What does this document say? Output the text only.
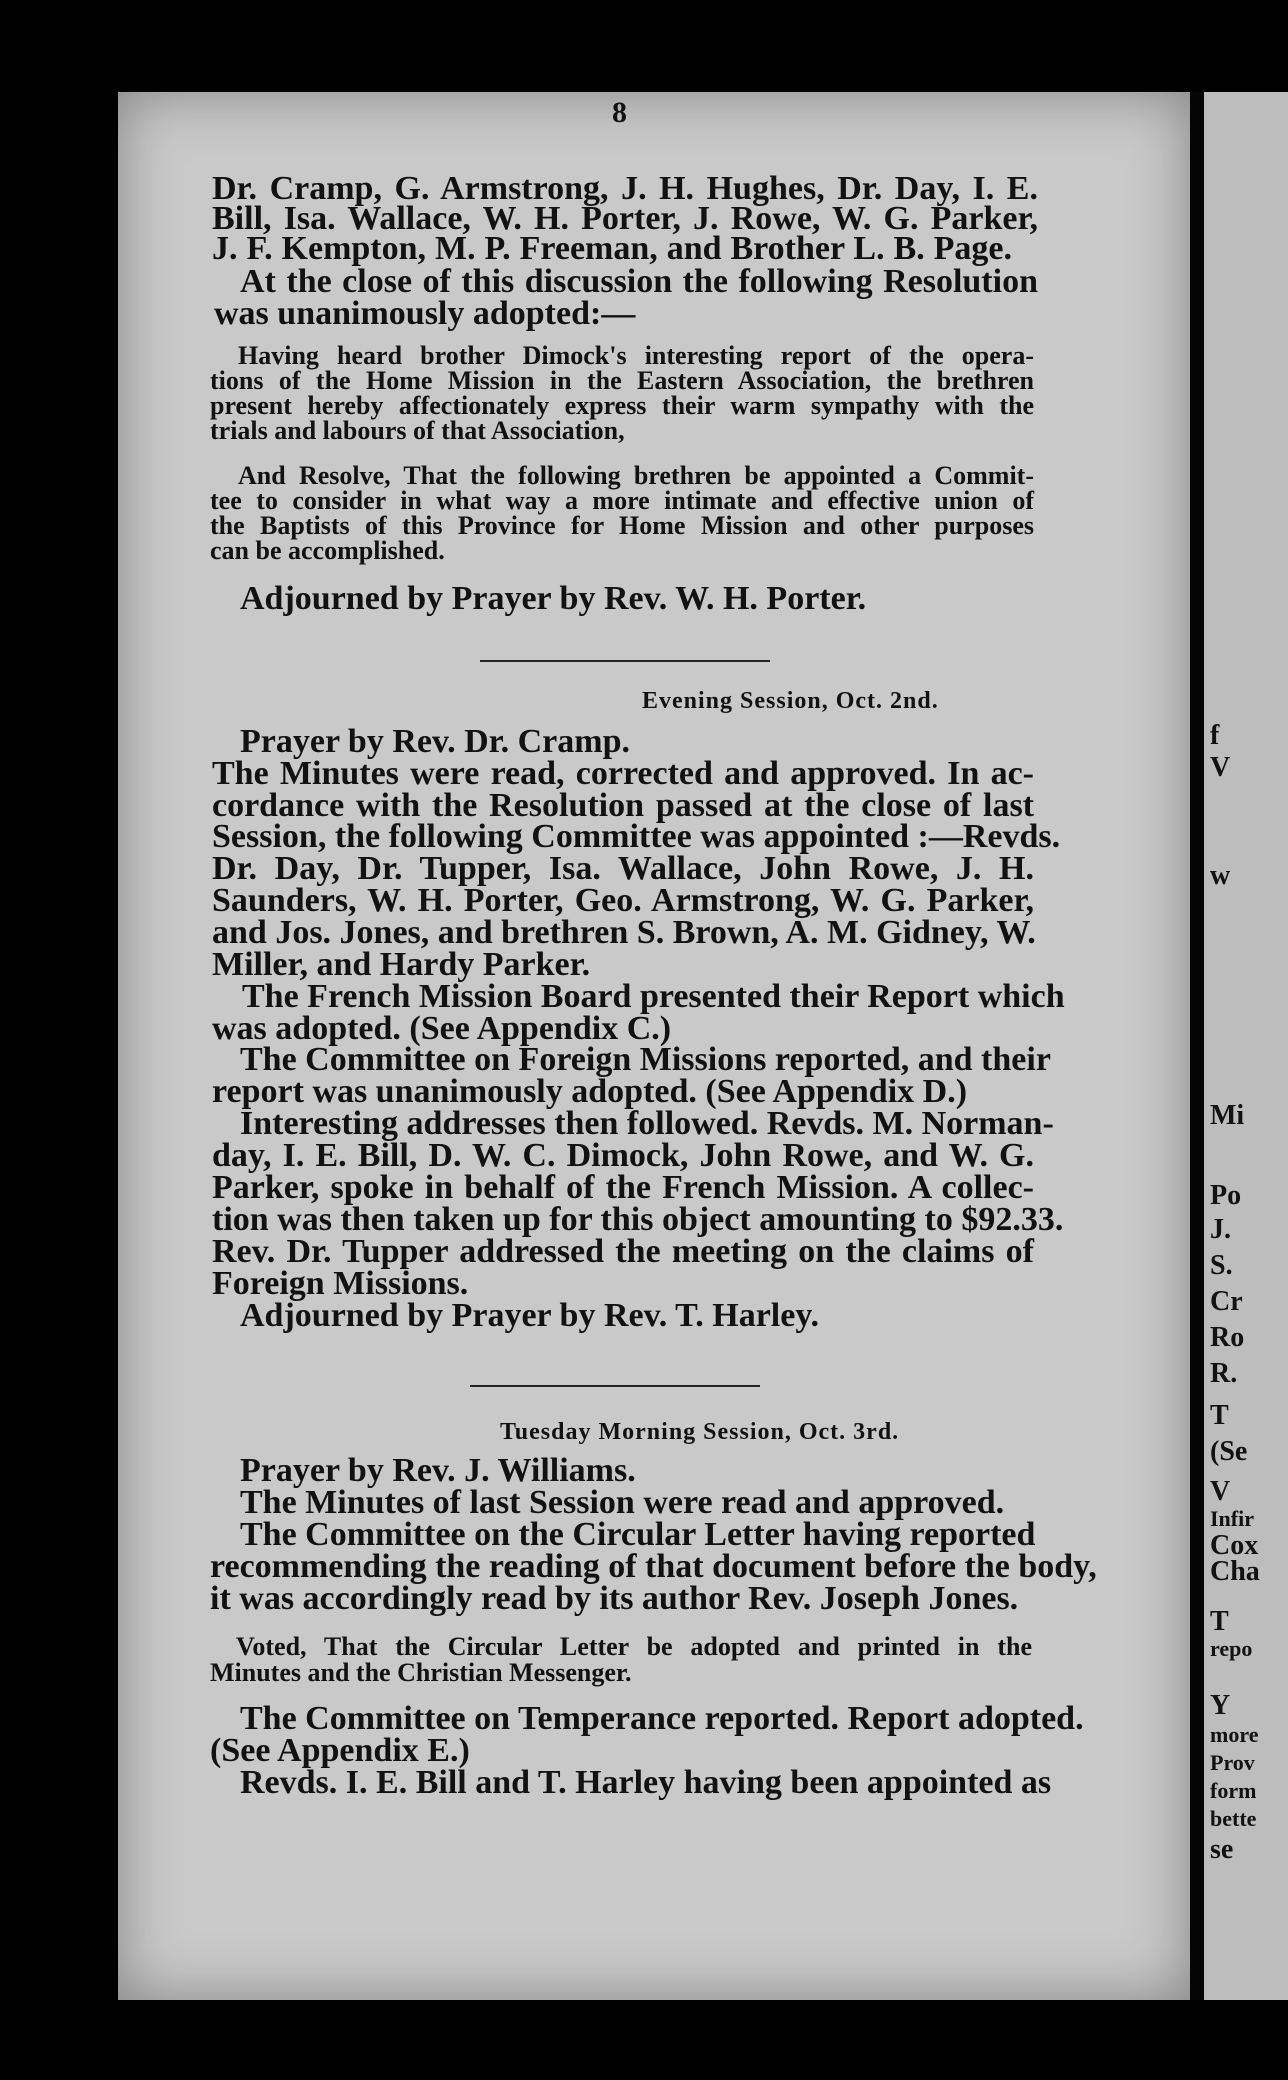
f
V
w
Mi
Po
J.
S.
Cr
Ro
R.
T
(Se
V
Infir
Cox
Cha
T
repo
Y
more
Prov
form
bette
se
8
Dr. Cramp, G. Armstrong, J. H. Hughes, Dr. Day, I. E.
Bill, Isa. Wallace, W. H. Porter, J. Rowe, W. G. Parker,
J. F. Kempton, M. P. Freeman, and Brother L. B. Page.
At the close of this discussion the following Resolution
was unanimously adopted:—
Having heard brother Dimock's interesting report of the opera-
tions of the Home Mission in the Eastern Association, the brethren
present hereby affectionately express their warm sympathy with the
trials and labours of that Association,
And Resolve, That the following brethren be appointed a Commit-
tee to consider in what way a more intimate and effective union of
the Baptists of this Province for Home Mission and other purposes
can be accomplished.
Adjourned by Prayer by Rev. W. H. Porter.
Evening Session, Oct. 2nd.
Prayer by Rev. Dr. Cramp.
The Minutes were read, corrected and approved. In ac-
cordance with the Resolution passed at the close of last
Session, the following Committee was appointed :—Revds.
Dr. Day, Dr. Tupper, Isa. Wallace, John Rowe, J. H.
Saunders, W. H. Porter, Geo. Armstrong, W. G. Parker,
and Jos. Jones, and brethren S. Brown, A. M. Gidney, W.
Miller, and Hardy Parker.
The French Mission Board presented their Report which
was adopted. (See Appendix C.)
The Committee on Foreign Missions reported, and their
report was unanimously adopted. (See Appendix D.)
Interesting addresses then followed. Revds. M. Norman-
day, I. E. Bill, D. W. C. Dimock, John Rowe, and W. G.
Parker, spoke in behalf of the French Mission. A collec-
tion was then taken up for this object amounting to $92.33.
Rev. Dr. Tupper addressed the meeting on the claims of
Foreign Missions.
Adjourned by Prayer by Rev. T. Harley.
Tuesday Morning Session, Oct. 3rd.
Prayer by Rev. J. Williams.
The Minutes of last Session were read and approved.
The Committee on the Circular Letter having reported
recommending the reading of that document before the body,
it was accordingly read by its author Rev. Joseph Jones.
Voted, That the Circular Letter be adopted and printed in the
Minutes and the Christian Messenger.
The Committee on Temperance reported. Report adopted.
(See Appendix E.)
Revds. I. E. Bill and T. Harley having been appointed as
